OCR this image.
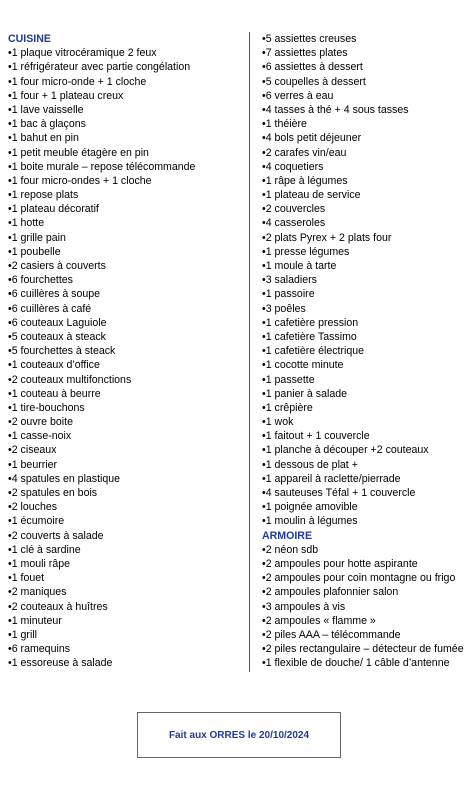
CUISINE
•1 plaque vitrocéramique 2 feux
•1 réfrigérateur avec partie congélation
•1 four micro-onde + 1 cloche
•1 four + 1 plateau creux
•1 lave vaisselle
•1 bac à glaçons
•1 bahut en pin
•1 petit meuble étagère en pin
•1 boite murale – repose télécommande
•1 four micro-ondes + 1 cloche
•1 repose plats
•1 plateau décoratif
•1 hotte
•1 grille pain
•1 poubelle
•2 casiers à couverts
•6 fourchettes
•6 cuillères à soupe
•6 cuillères à café
•6 couteaux Laguiole
•5 couteaux à steack
•5 fourchettes à steack
•1 couteaux d’office
•2 couteaux multifonctions
•1 couteau à beurre
•1 tire-bouchons
•2 ouvre boite
•1 casse-noix
•2 ciseaux
•1 beurrier
•4 spatules en plastique
•2 spatules en bois
•2 louches
•1 écumoire
•2 couverts à salade
•1 clé à sardine
•1 mouli râpe
•1 fouet
•2 maniques
•2 couteaux à huîtres
•1 minuteur
•1 grill
•6 ramequins
•1 essoreuse à salade
•5 assiettes creuses
•7 assiettes plates
•6 assiettes à dessert
•5 coupelles à dessert
•6 verres à eau
•4 tasses à thé + 4 sous tasses
•1 théière
•4 bols petit déjeuner
•2 carafes vin/eau
•4 coquetiers
•1 râpe à légumes
•1 plateau de service
•2 couvercles
•4 casseroles
•2 plats Pyrex + 2 plats four
•1 presse légumes
•1 moule à tarte
•3 saladiers
•1 passoire
•3 poêles
•1 cafetière pression
•1 cafetière Tassimo
•1 cafetière électrique
•1 cocotte minute
•1 passette
•1 panier à salade
•1 crêpière
•1 wok
•1 faitout + 1 couvercle
•1 planche à découper +2 couteaux
•1 dessous de plat +
•1 appareil à raclette/pierrade
•4 sauteuses Téfal + 1 couvercle
•1 poignée amovible
•1 moulin à légumes
ARMOIRE
•2 néon sdb
•2 ampoules pour hotte aspirante
•2 ampoules pour coin montagne ou frigo
•2 ampoules plafonnier salon
•3 ampoules à vis
•2 ampoules « flamme »
•2 piles AAA – télécommande
•2 piles rectangulaire – détecteur de fumée
•1 flexible de douche/ 1 câble d’antenne
Fait aux ORRES le 20/10/2024
